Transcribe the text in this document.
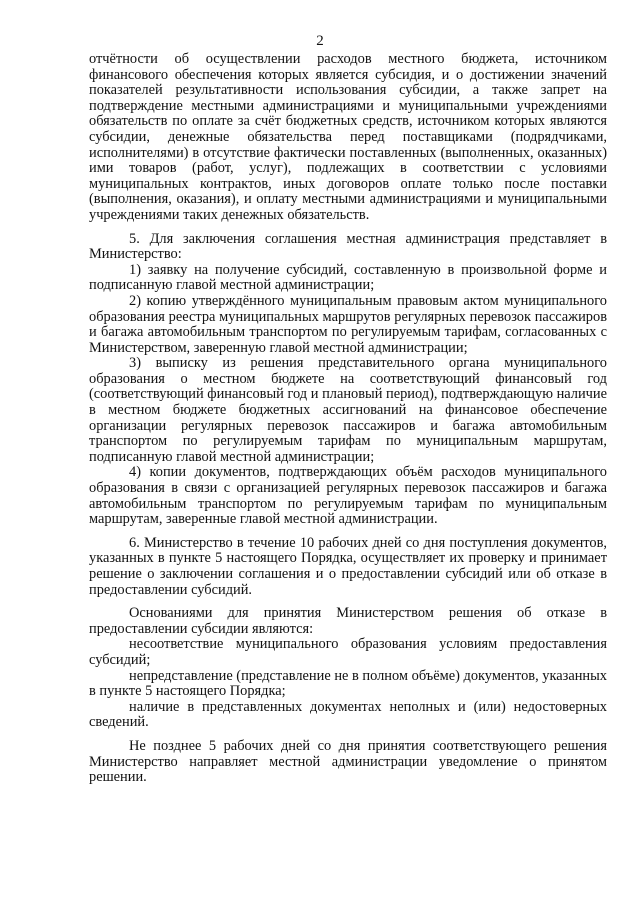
2

отчётности об осуществлении расходов местного бюджета, источником финансового обеспечения которых является субсидия, и о достижении значений показателей результативности использования субсидии, а также запрет на подтверждение местными администрациями и муниципальными учреждениями обязательств по оплате за счёт бюджетных средств, источником которых являются субсидии, денежные обязательства перед поставщиками (подрядчиками, исполнителями) в отсутствие фактически поставленных (выполненных, оказанных) ими товаров (работ, услуг), подлежащих в соответствии с условиями муниципальных контрактов, иных договоров оплате только после поставки (выполнения, оказания), и оплату местными администрациями и муниципальными учреждениями таких денежных обязательств.

5. Для заключения соглашения местная администрация представляет в Министерство:

1) заявку на получение субсидий, составленную в произвольной форме и подписанную главой местной администрации;

2) копию утверждённого муниципальным правовым актом муниципального образования реестра муниципальных маршрутов регулярных перевозок пассажиров и багажа автомобильным транспортом по регулируемым тарифам, согласованных с Министерством, заверенную главой местной администрации;

3) выписку из решения представительного органа муниципального образования о местном бюджете на соответствующий финансовый год (соответствующий финансовый год и плановый период), подтверждающую наличие в местном бюджете бюджетных ассигнований на финансовое обеспечение организации регулярных перевозок пассажиров и багажа автомобильным транспортом по регулируемым тарифам по муниципальным маршрутам, подписанную главой местной администрации;

4) копии документов, подтверждающих объём расходов муниципального образования в связи с организацией регулярных перевозок пассажиров и багажа автомобильным транспортом по регулируемым тарифам по муниципальным маршрутам, заверенные главой местной администрации.

6. Министерство в течение 10 рабочих дней со дня поступления документов, указанных в пункте 5 настоящего Порядка, осуществляет их проверку и принимает решение о заключении соглашения и о предоставлении субсидий или об отказе в предоставлении субсидий.

Основаниями для принятия Министерством решения об отказе в предоставлении субсидии являются:

несоответствие муниципального образования условиям предоставления субсидий;

непредставление (представление не в полном объёме) документов, указанных в пункте 5 настоящего Порядка;

наличие в представленных документах неполных и (или) недостоверных сведений.

Не позднее 5 рабочих дней со дня принятия соответствующего решения Министерство направляет местной администрации уведомление о принятом решении.
